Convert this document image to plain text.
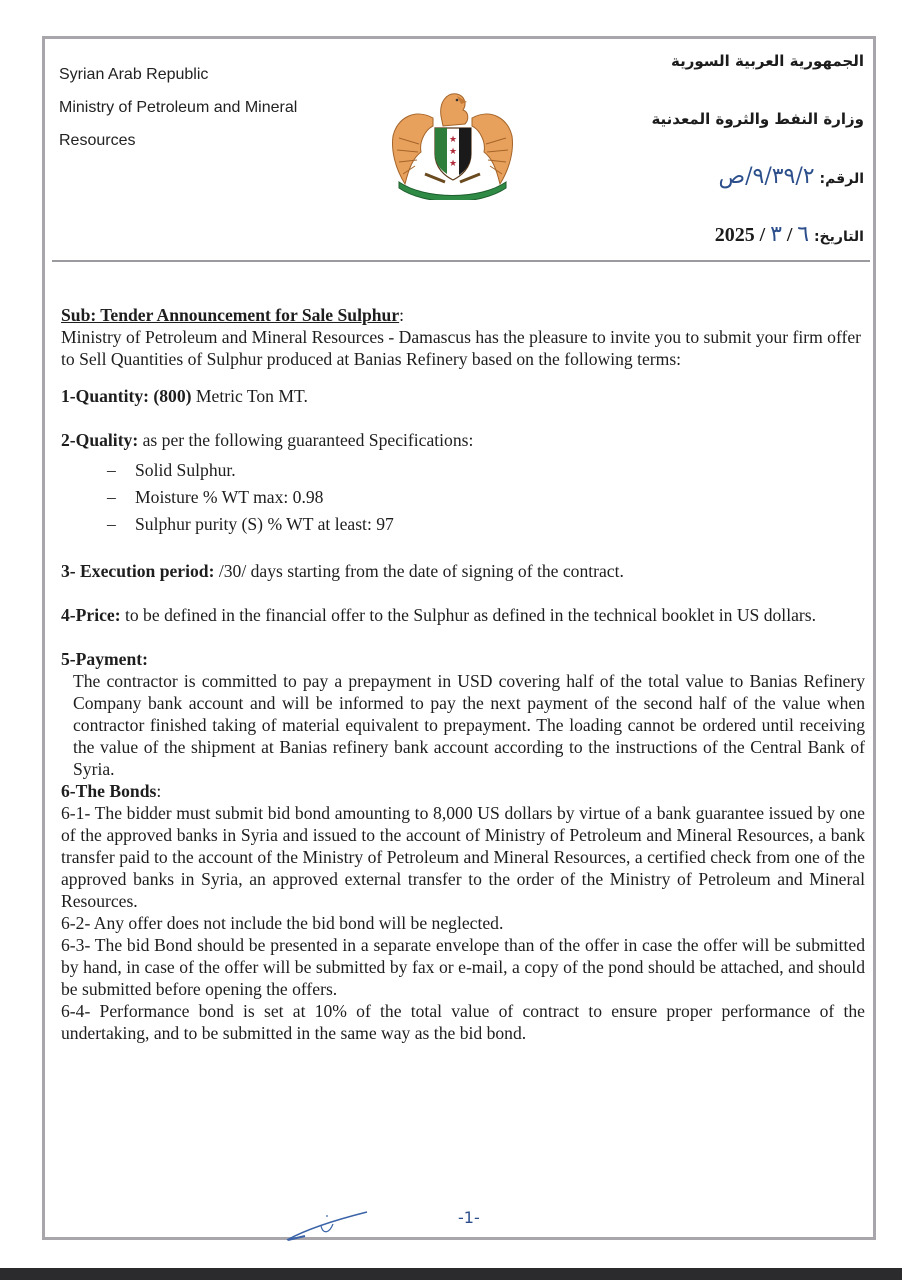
Syrian Arab Republic
Ministry of Petroleum and Mineral
Resources	★
★
★
الجمهورية العربية السورية
وزارة النفط والثروة المعدنية
الرقم: ٩/٣٩/٢/ص
التاريخ: ٦ / ٣ / 2025

Sub: Tender Announcement for Sale Sulphur:

Ministry of Petroleum and Mineral Resources - Damascus has the pleasure to invite you to submit your firm offer to Sell Quantities of Sulphur produced at Banias Refinery based on the following terms:

1-Quantity: (800) Metric Ton MT.

2-Quality: as per the following guaranteed Specifications:

– Solid Sulphur.
– Moisture % WT max: 0.98
– Sulphur purity (S) % WT at least: 97

3- Execution period: /30/ days starting from the date of signing of the contract.

4-Price: to be defined in the financial offer to the Sulphur as defined in the technical booklet in US dollars.

5-Payment:

The contractor is committed to pay a prepayment in USD covering half of the total value to Banias Refinery Company bank account and will be informed to pay the next payment of the second half of the value when contractor finished taking of material equivalent to prepayment. The loading cannot be ordered until receiving the value of the shipment at Banias refinery bank account according to the instructions of the Central Bank of Syria.

6-The Bonds:

6-1- The bidder must submit bid bond amounting to 8,000 US dollars by virtue of a bank guarantee issued by one of the approved banks in Syria and issued to the account of Ministry of Petroleum and Mineral Resources, a bank transfer paid to the account of the Ministry of Petroleum and Mineral Resources, a certified check from one of the approved banks in Syria, an approved external transfer to the order of the Ministry of Petroleum and Mineral Resources.

6-2- Any offer does not include the bid bond will be neglected.

6-3- The bid Bond should be presented in a separate envelope than of the offer in case the offer will be submitted by hand, in case of the offer will be submitted by fax or e-mail, a copy of the pond should be attached, and should be submitted before opening the offers.

6-4- Performance bond is set at 10% of the total value of contract to ensure proper performance of the undertaking, and to be submitted in the same way as the bid bond.

-1-
